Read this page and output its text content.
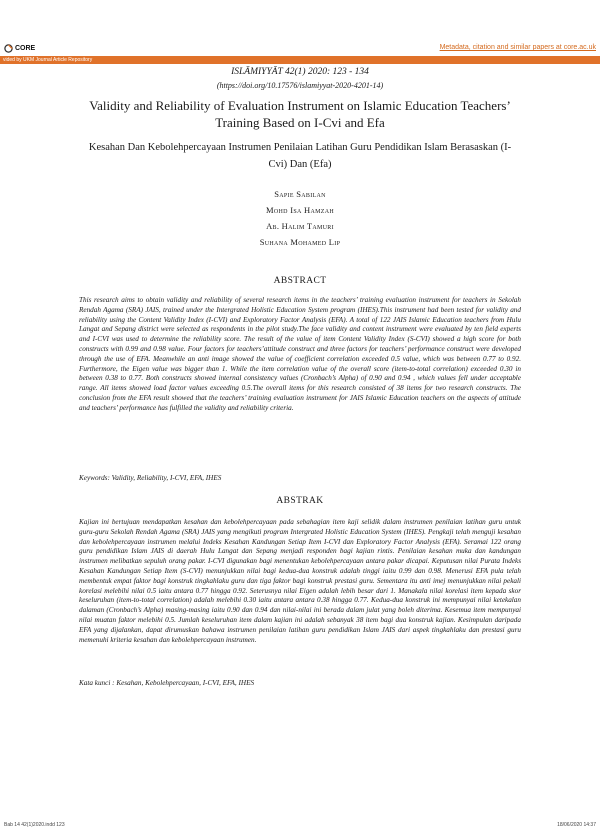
CORE	Metadata, citation and similar papers at core.ac.uk
vided by UKM Journal Article Repository
ISLĀMIYYĀT 42(1) 2020: 123 - 134
(https://doi.org/10.17576/islamiyyat-2020-4201-14)
Validity and Reliability of Evaluation Instrument on Islamic Education Teachers’ Training Based on I-Cvi and Efa
Kesahan Dan Kebolehpercayaan Instrumen Penilaian Latihan Guru Pendidikan Islam Berasaskan (I-Cvi) Dan (Efa)
Sapie Sabilan
Mohd Isa Hamzah
Ab. Halim Tamuri
Suhana Mohamed Lip
ABSTRACT
This research aims to obtain validity and reliability of several research items in the teachers’ training evaluation instrument for teachers in Sekolah Rendah Agama (SRA) JAIS, trained under the Intergrated Holistic Education System program (IHES).This instrument had been tested for validity and reliability using the Content Validity Index (I-CVI) and Exploratory Factor Analysis (EFA). A total of 122 JAIS Islamic Education teachers from Hulu Langat and Sepang district were selected as respondents in the pilot study.The face validity and content instrument were evaluated by ten field experts and I-CVI was used to determine the reliability score. The result of the value of item Content Validity Index (S-CVI) showed a high score for both constructs with 0.99 and 0.98 value. Four factors for teachers’attitude construct and three factors for teachers’ performance construct were developed through the use of EFA. Meanwhile an anti image showed the value of coefficient correlation exceeded 0.5 value, which was between 0.77 to 0.92. Furthermore, the Eigen value was bigger than 1. While the item correlation value of the overall score (item-to-total correlation) exceeded 0.30 in between 0.38 to 0.77. Both constructs showed internal consistency values (Cronbach’s Alpha) of 0.90 and 0.94 , which values fell under acceptable range. All items showed load factor values exceeding 0.5.The overall items for this research consisted of 38 items for two research constructs. The conclusion from the EFA result showed that the teachers’ training evaluation instrument for JAIS Islamic Education teachers on the aspects of attitude and teachers’ performance has fulfilled the validity and reliability criteria.
Keywords: Validity, Reliability, I-CVI, EFA, IHES
ABSTRAK
Kajian ini bertujuan mendapatkan kesahan dan kebolehpercayaan pada sebahagian item kaji selidik dalam instrumen penilaian latihan guru untuk guru-guru Sekolah Rendah Agama (SRA) JAIS yang mengikuti program Intergrated Holistic Education System (IHES). Pengkaji telah menguji kesahan dan kebolehpercayaan instrumen melalui Indeks Kesahan Kandungan Setiap Item I-CVI dan Exploratory Factor Analysis (EFA). Seramai 122 orang guru pendidikan Islam JAIS di daerah Hulu Langat dan Sepang menjadi responden bagi kajian rintis. Penilaian kesahan muka dan kandungan instrumen melibatkan sepuluh orang pakar. I-CVI digunakan bagi menentukan kebolehpercayaan antara pakar dicapai. Keputusan nilai Purata Indeks Kesahan Kandungan Setiap Item (S-CVI) menunjukkan nilai bagi kedua-dua konstruk adalah tinggi iaitu 0.99 dan 0.98. Menerusi EFA pula telah membentuk empat faktor bagi konstruk tingkahlaku guru dan tiga faktor bagi konstruk prestasi guru. Sementara itu anti imej menunjukkan nilai pekali korelasi melebihi nilai 0.5 iaitu antara 0.77 hingga 0.92. Seterusnya nilai Eigen adalah lebih besar dari 1. Manakala nilai korelasi item kepada skor keseluruhan (item-to-total correlation) adalah melebihi 0.30 iaitu antara antara 0.38 hingga 0.77. Kedua-dua konstruk ini mempunyai nilai ketekalan dalaman (Cronbach’s Alpha) masing-masing iaitu 0.90 dan 0.94 dan nilai-nilai ini berada dalam julat yang boleh diterima. Kesemua item mempunyai nilai muatan faktor melebihi 0.5. Jumlah keseluruhan item dalam kajian ini adalah sebanyak 38 item bagi dua konstruk kajian. Kesimpulan daripada EFA yang dijalankan, dapat dirumuskan bahawa instrumen penilaian latihan guru pendidikan Islam JAIS dari aspek tingkahlaku dan prestasi guru memenuhi kriteria kesahan dan kebolehpercayaan instrumen.
Kata kunci : Kesahan, Kebolehpercayaan, I-CVI, EFA, IHES
Bab 14 42(1)2020.indd 123	18/06/2020 14:37
